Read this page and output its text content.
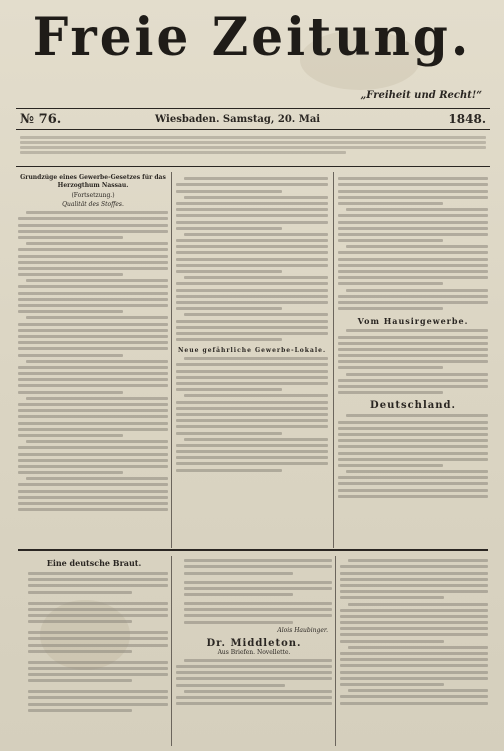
Freie Zeitung.
„Freiheit und Recht!“
№ 76.	Wiesbaden. Samstag, 20. Mai	1848.
Grundzüge eines Gewerbe-Gesetzes für das Herzogthum Nassau.
(Fortsetzung.)
Qualität des Stoffes.
Neue gefährliche Gewerbe-Lokale.
Vom Hausirgewerbe.
Deutschland.
Eine deutsche Braut.
Alois Haubinger.
Dr. Middleton.
Aus Briefen. Novellette.
